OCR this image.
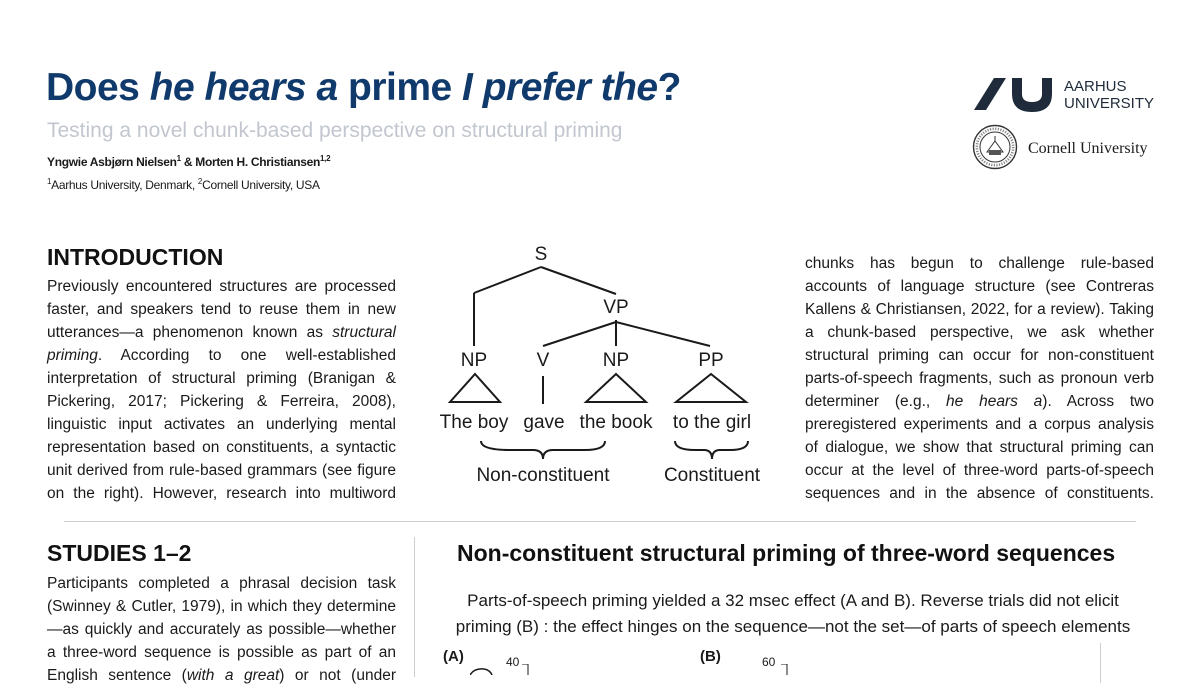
Does he hears a prime I prefer the?
Testing a novel chunk-based perspective on structural priming
Yngwie Asbjørn Nielsen$^1$ & Morten H. Christiansen$^{1,2}$
$^1$Aarhus University, Denmark, $^2$Cornell University, USA
AARHUS
UNIVERSITY
Cornell University
INTRODUCTION
Previously encountered structures are processed faster, and speakers tend to reuse them in new utterances—a phenomenon known as structural priming. According to one well-established interpretation of structural priming (Branigan & Pickering, 2017; Pickering & Ferreira, 2008), linguistic input activates an underlying mental representation based on constituents, a syntactic unit derived from rule-based grammars (see figure on the right). However, research into multiword
chunks has begun to challenge rule-based accounts of language structure (see Contreras Kallens & Christiansen, 2022, for a review). Taking a chunk-based perspective, we ask whether structural priming can occur for non-constituent parts-of-speech fragments, such as pronoun verb determiner (e.g., he hears a). Across two preregistered experiments and a corpus analysis of dialogue, we show that structural priming can occur at the level of three-word parts-of-speech sequences and in the absence of constituents.
S
VP
NP	V	NP	PP
The boy gave the book to the girl
Non-constituent	Constituent
STUDIES 1–2
Participants completed a phrasal decision task (Swinney & Cutler, 1979), in which they determine—as quickly and accurately as possible—whether a three-word sequence is possible as part of an English sentence (with a great) or not (under
Non-constituent structural priming of three-word sequences
Parts-of-speech priming yielded a 32 msec effect (A and B). Reverse trials did not elicit priming (B) : the effect hinges on the sequence—not the set—of parts of speech elements
(A)	(B)
40	60
